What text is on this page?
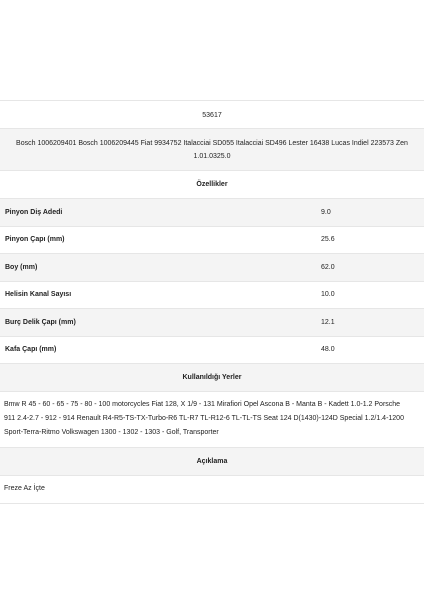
53617
Bosch 1006209401 Bosch 1006209445 Fiat 9934752 Italacciai SD055 Italacciai SD496 Lester 16438 Lucas Indiel 223573 Zen 1.01.0325.0
Özellikler
Pinyon Diş Adedi	9.0
Pinyon Çapı (mm)	25.6
Boy (mm)	62.0
Helisin Kanal Sayısı	10.0
Burç Delik Çapı (mm)	12.1
Kafa Çapı (mm)	48.0
Kullanıldığı Yerler
Bmw R 45 - 60 - 65 - 75 - 80 - 100 motorcycles Fiat 128, X 1/9 - 131 Mirafiori Opel Ascona B - Manta B - Kadett 1.0-1.2 Porsche 911 2.4-2.7 - 912 - 914 Renault R4-R5-TS-TX-Turbo-R6 TL-R7 TL-R12-6 TL-TL-TS Seat 124 D(1430)-124D Special 1.2/1.4-1200 Sport-Terra-Ritmo Volkswagen 1300 - 1302 - 1303 - Golf, Transporter
Açıklama
Freze Az İçte
